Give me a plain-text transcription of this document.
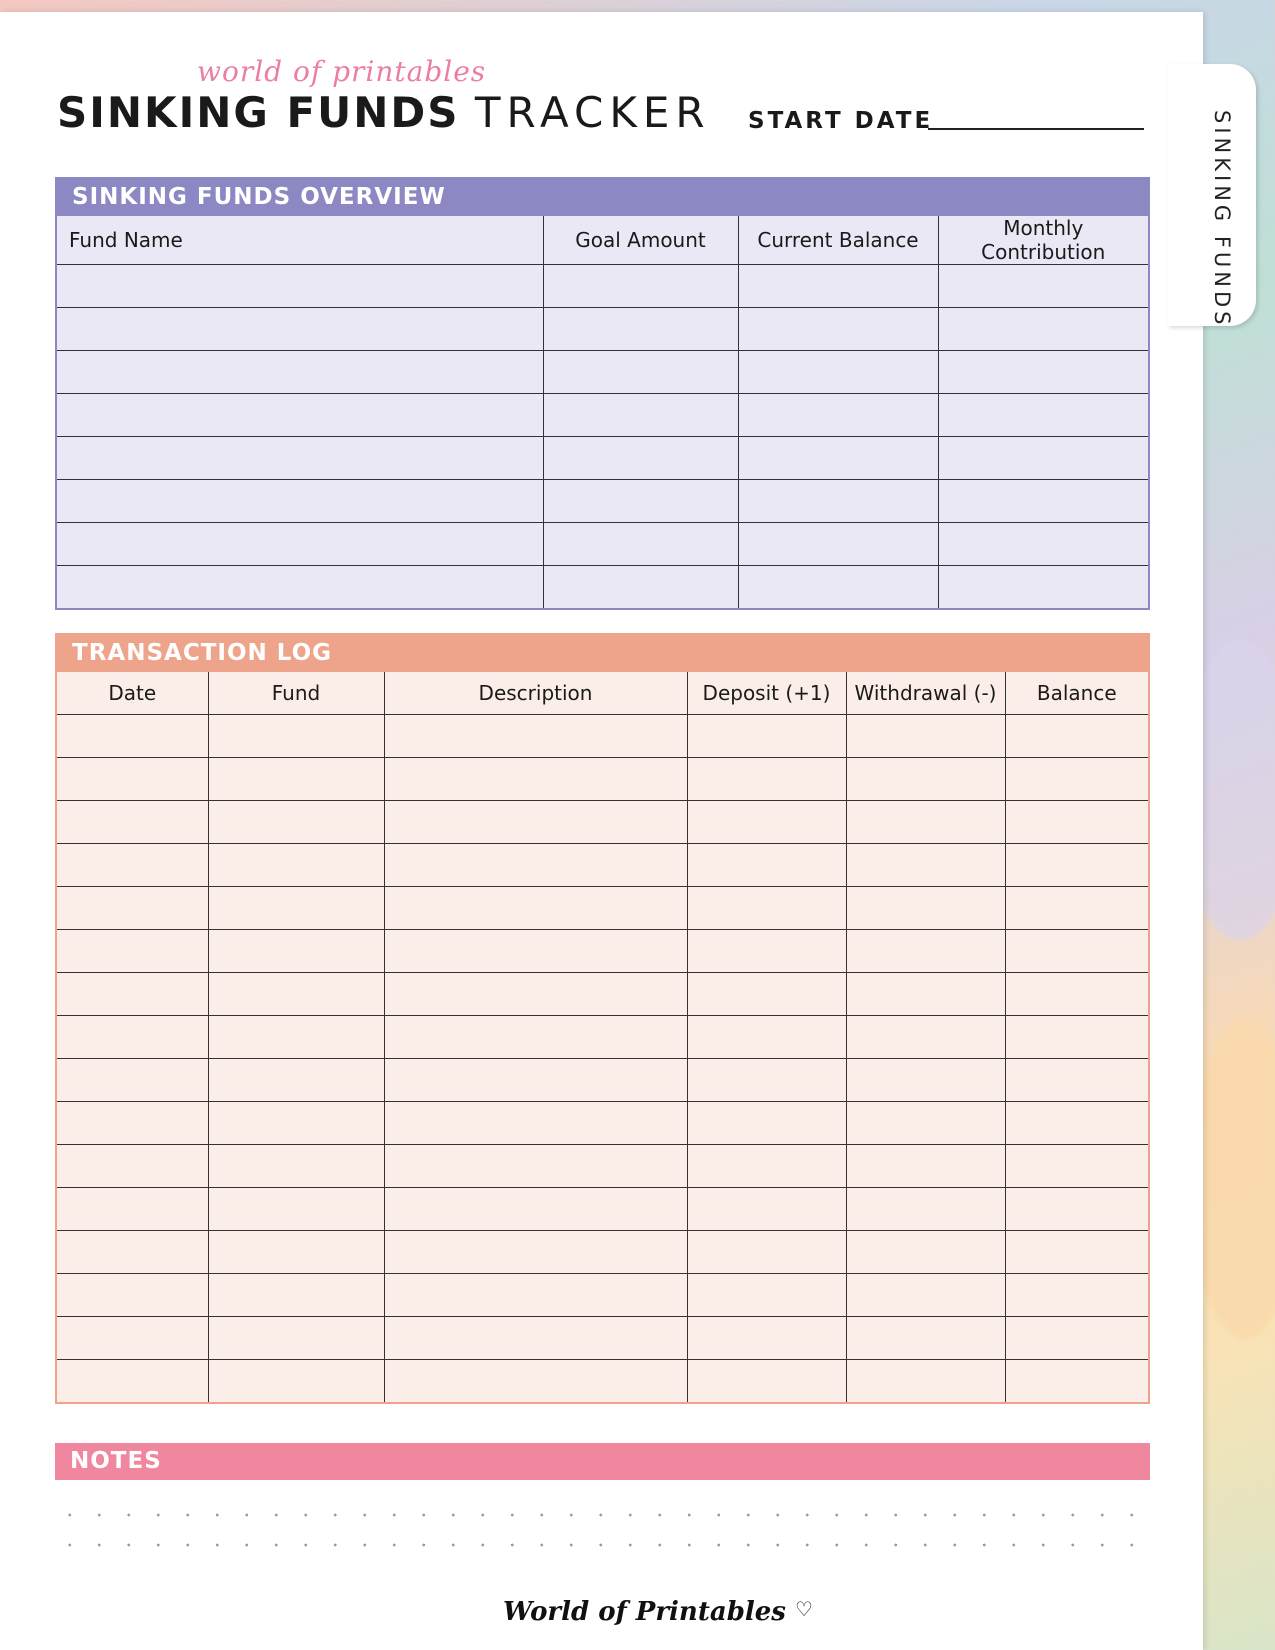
SINKING FUNDS
world of printables
SINKING FUNDS TRACKER START DATE
SINKING FUNDS OVERVIEW
Fund Name	Goal Amount	Current Balance	Monthly Contribution

TRANSACTION LOG
Date	Fund	Description	Deposit (+1)	Withdrawal (-)	Balance

NOTES
World of Printables ♡
